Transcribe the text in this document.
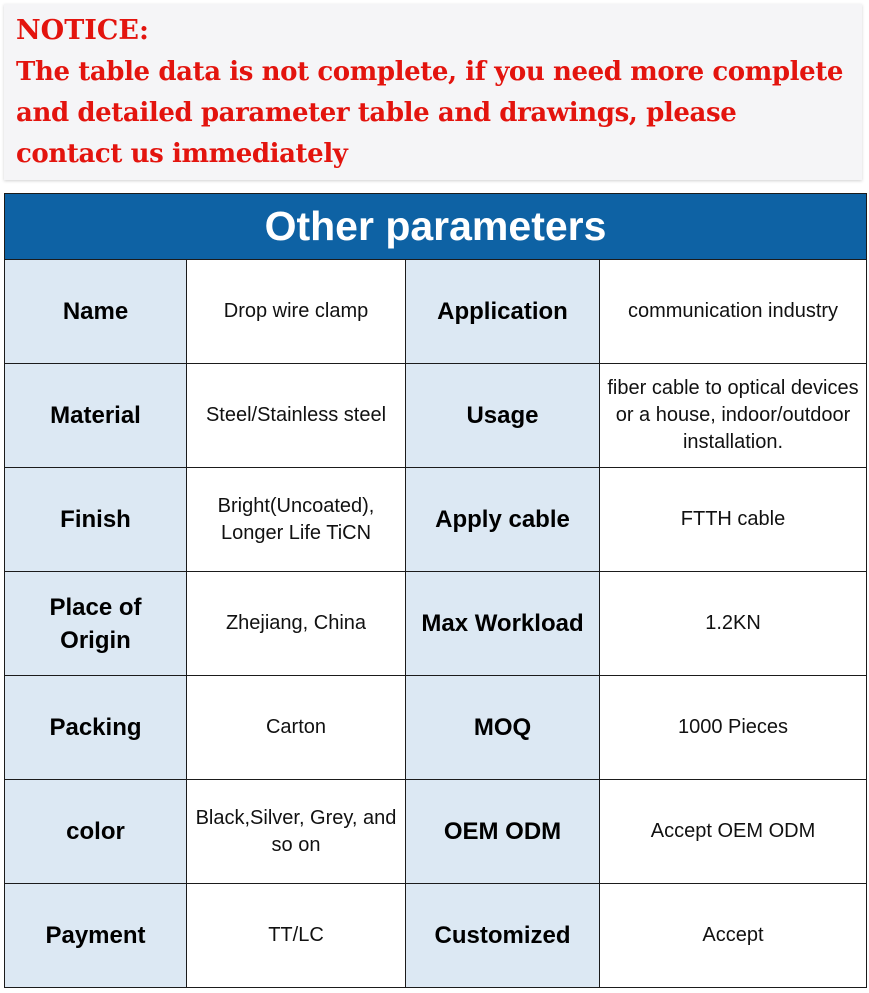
NOTICE:
The table data is not complete, if you need more complete and detailed parameter table and drawings, please contact us immediately
Other parameters			
Name	Drop wire clamp	Application	communication industry
Material	Steel/Stainless steel	Usage	fiber cable to optical devices or a house, indoor/outdoor installation.
Finish	Bright(Uncoated), Longer Life TiCN	Apply cable	FTTH cable
Place of Origin	Zhejiang, China	Max Workload	1.2KN
Packing	Carton	MOQ	1000 Pieces
color	Black,Silver, Grey, and so on	OEM ODM	Accept OEM ODM
Payment	TT/LC	Customized	Accept
